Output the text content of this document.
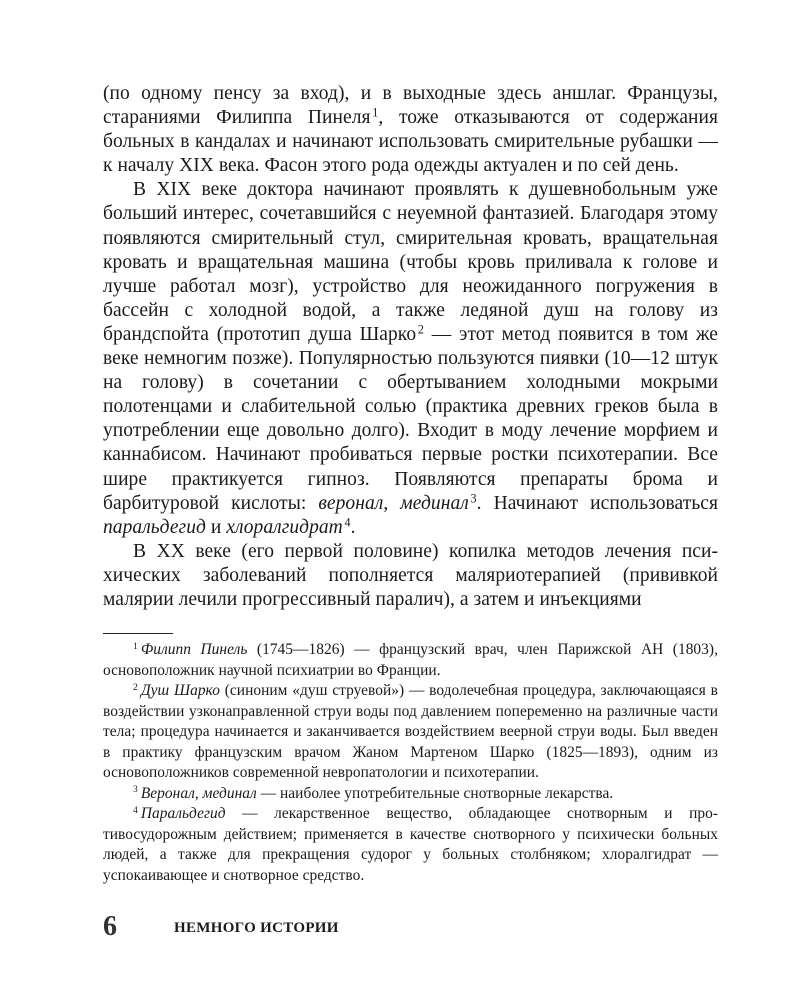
(по одному пенсу за вход), и в выходные здесь аншлаг. Французы, стараниями Филиппа Пинеля  $^1$, тоже отказываются от содержания больных в кандалах и начинают использовать смирительные рубашки — к началу XIX века. Фасон этого рода одежды актуален и по сей день.

В XIX веке доктора начинают проявлять к душевнобольным уже больший интерес, сочетавшийся с неуемной фантазией. Благодаря этому появляются смирительный стул, смирительная кровать, вращательная кровать и вращательная машина (чтобы кровь приливала к голове и лучше работал мозг), устройство для неожиданного погружения в бассейн с холодной водой, а также ледяной душ на голову из брандспойта (прототип душа Шарко  $^2$ — этот метод появится в том же веке немногим позже). Популярностью пользуются пиявки (10—12 штук на голову) в сочетании с обертыванием холодными мокрыми полотенцами и слабительной солью (практика древних греков была в употреблении еще довольно долго). Входит в моду лечение морфием и каннабисом. Начинают пробиваться первые ростки психотерапии. Все шире практикуется гипноз. Появляются препараты брома и барбитуровой кислоты: веронал, мединал  $^3$. Начинают использоваться паральдегид и хлоралгидрат  $^4$.

В XX веке (его первой половине) копилка методов лечения психических заболеваний пополняется маляриотерапией (прививкой малярии лечили прогрессивный паралич), а затем и инъекциями

$^1$ Филипп Пинель (1745—1826) — французский врач, член Парижской АН (1803), основоположник научной психиатрии во Франции.

$^2$ Душ Шарко (синоним «душ струевой») — водолечебная процедура, заключающаяся в воздействии узконаправленной струи воды под давлением попеременно на различные части тела; процедура начинается и заканчивается воздействием веерной струи воды. Был введен в практику французским врачом Жаном Мартеном Шарко (1825—1893), одним из основоположников современной невропатологии и психотерапии.

$^3$ Веронал, мединал — наиболее употребительные снотворные лекарства.

$^4$ Паральдегид — лекарственное вещество, обладающее снотворным и противосудорожным действием; применяется в качестве снотворного у психически больных людей, а также для прекращения судорог у больных столбняком; хлоралгидрат — успокаивающее и снотворное средство.

6	НЕМНОГО ИСТОРИИ
